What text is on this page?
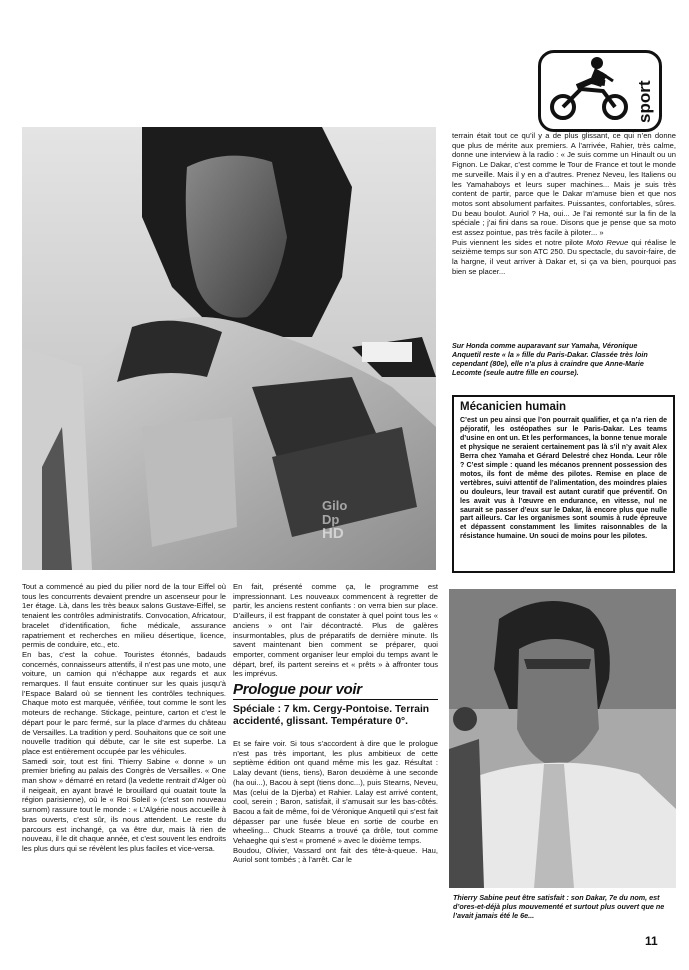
sport
Gilo
Dp
HD

terrain était tout ce qu’il y a de plus glissant, ce qui n’en donne que plus de mérite aux premiers. A l’arrivée, Rahier, très calme, donne une interview à la radio : « Je suis comme un Hinault ou un Fignon. Le Dakar, c’est comme le Tour de France et tout le monde me surveille. Mais il y en a d’autres. Prenez Neveu, les Italiens ou les Yamahaboys et leurs super machines... Mais je suis très content de partir, parce que le Dakar m’amuse bien et que nos motos sont absolument parfaites. Puissantes, confortables, sûres. Du beau boulot. Auriol ? Ha, oui... Je l’ai remonté sur la fin de la spéciale ; j’ai fini dans sa roue. Disons que je pense que sa moto est assez pointue, pas très facile à piloter... »

Puis viennent les sides et notre pilote Moto Revue qui réalise le seizième temps sur son ATC 250. Du spectacle, du savoir-faire, de la hargne, il veut arriver à Dakar et, si ça va bien, pourquoi pas bien se placer...

Sur Honda comme auparavant sur Yamaha, Véronique Anquetil reste « la » fille du Paris-Dakar. Classée très loin cependant (80e), elle n’a plus à craindre que Anne-Marie Lecomte (seule autre fille en course).
Mécanicien humain
C’est un peu ainsi que l’on pourrait qualifier, et ça n’a rien de péjoratif, les ostéopathes sur le Paris-Dakar. Les teams d’usine en ont un. Et les performances, la bonne tenue morale et physique ne seraient certainement pas là s’il n’y avait Alex Berra chez Yamaha et Gérard Delestré chez Honda. Leur rôle ? C’est simple : quand les mécanos prennent possession des motos, ils font de même des pilotes. Remise en place de vertèbres, suivi attentif de l’alimentation, des moindres plaies ou douleurs, leur travail est autant curatif que préventif. On les avait vus à l’œuvre en endurance, en vitesse, nul ne saurait se passer d’eux sur le Dakar, là encore plus que nulle part ailleurs. Car les organismes sont soumis à rude épreuve et dépassent constamment les limites raisonnables de la résistance humaine. Un souci de moins pour les pilotes.

Tout a commencé au pied du pilier nord de la tour Eiffel où tous les concurrents devaient prendre un ascenseur pour le 1er étage. Là, dans les très beaux salons Gustave-Eiffel, se tenaient les contrôles administratifs. Convocation, Africatour, bracelet d’identification, fiche médicale, assurance rapatriement et recherches en milieu désertique, licence, permis de conduire, etc., etc.

En bas, c’est la cohue. Touristes étonnés, badauds concernés, connaisseurs attentifs, il n’est pas une moto, une voiture, un camion qui n’échappe aux regards et aux remarques. Il faut ensuite continuer sur les quais jusqu’à l’Espace Balard où se tiennent les contrôles techniques. Chaque moto est marquée, vérifiée, tout comme le sont les moteurs de rechange. Stickage, peinture, carton et c’est le départ pour le parc fermé, sur la place d’armes du château de Versailles. La tradition y perd. Souhaitons que ce soit une nouvelle tradition qui débute, car le site est superbe. La place est entièrement occupée par les véhicules.

Samedi soir, tout est fini. Thierry Sabine « donne » un premier briefing au palais des Congrès de Versailles. « One man show » démarré en retard (la vedette rentrait d’Alger où il neigeait, en ayant bravé le brouillard qui ouatait toute la région parisienne), où le « Roi Soleil » (c’est son nouveau surnom) rassure tout le monde : « L’Algérie nous accueille à bras ouverts, c’est sûr, ils nous attendent. Le reste du parcours est inchangé, ça va être dur, mais là rien de nouveau, il le dit chaque année, et c’est souvent les endroits les plus durs qui se révèlent les plus faciles et vice-versa.

En fait, présenté comme ça, le programme est impressionnant. Les nouveaux commencent à regretter de partir, les anciens restent confiants : on verra bien sur place. D’ailleurs, il est frappant de constater à quel point tous les « anciens » ont l’air décontracté. Plus de galères insurmontables, plus de préparatifs de dernière minute. Ils savent maintenant bien comment se préparer, quoi emporter, comment organiser leur emploi du temps avant le départ, bref, ils partent sereins et « prêts » à affronter tous les imprévus.

Prologue pour voir
Spéciale : 7 km. Cergy-Pontoise. Terrain accidenté, glissant. Température 0°.

Et se faire voir. Si tous s’accordent à dire que le prologue n’est pas très important, les plus ambitieux de cette septième édition ont quand même mis les gaz. Résultat : Lalay devant (tiens, tiens), Baron deuxième à une seconde (ha oui...), Bacou à sept (tiens donc...), puis Stearns, Neveu, Mas (celui de la Djerba) et Rahier. Lalay est arrivé content, cool, serein ; Baron, satisfait, il s’amusait sur les bas-côtés. Bacou a fait de même, foi de Véronique Anquetil qui s’est fait dépasser par une fusée bleue en sortie de courbe en wheeling... Chuck Stearns a trouvé ça drôle, tout comme Vehaeghe qui s’est « promené » avec le dixième temps.

Boudou, Olivier, Vassard ont fait des tête-à-queue. Hau, Auriol sont tombés ; à l’arrêt. Car le

Thierry Sabine peut être satisfait : son Dakar, 7e du nom, est d’ores-et-déjà plus mouvementé et surtout plus ouvert que ne l’avait jamais été le 6e...
11
